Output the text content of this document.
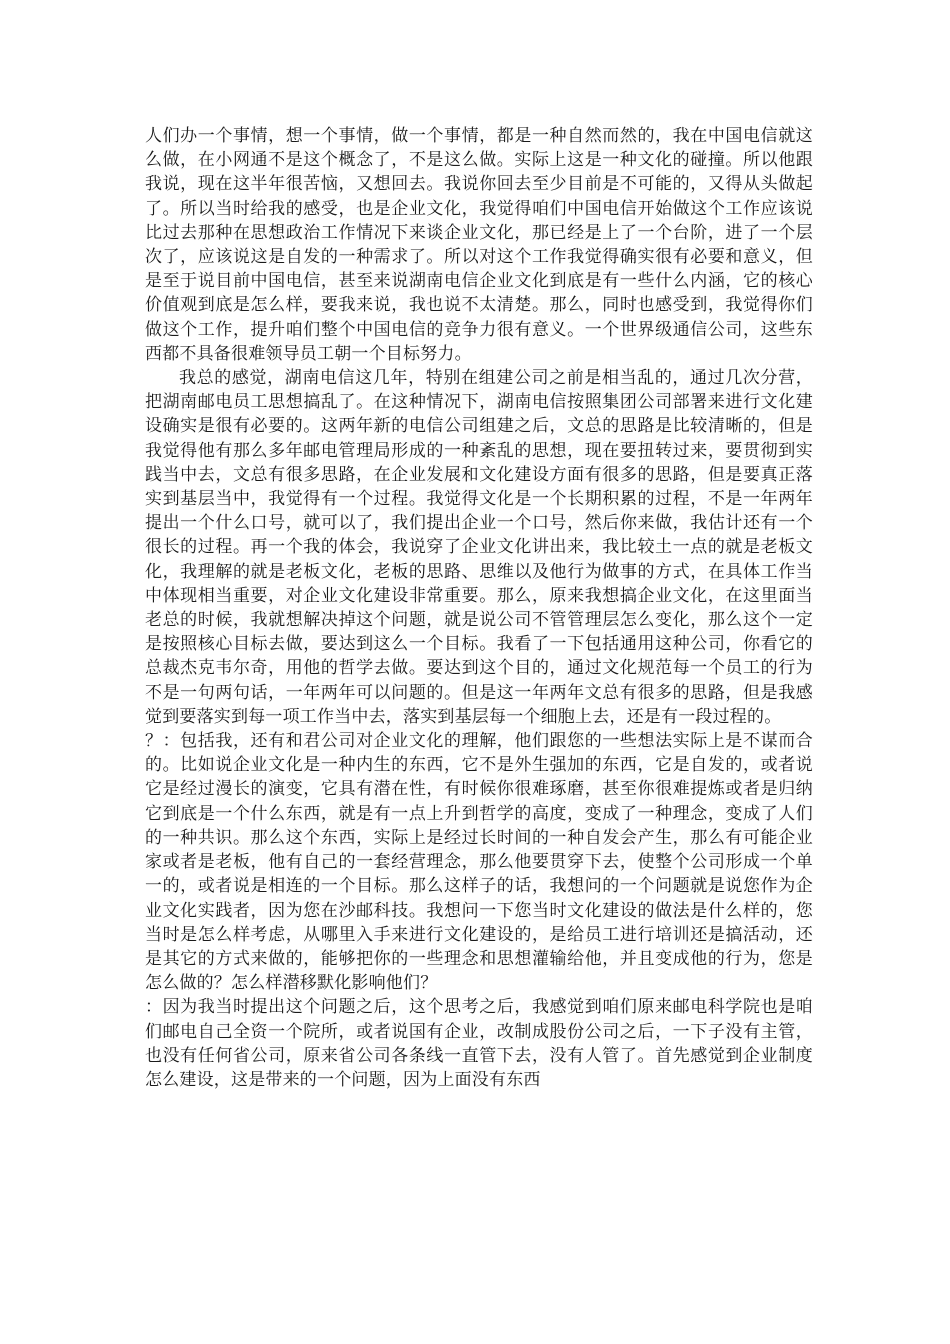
人们办一个事情，想一个事情，做一个事情，都是一种自然而然的，我在中国电信就这么做，在小网通不是这个概念了，不是这么做。实际上这是一种文化的碰撞。所以他跟我说，现在这半年很苦恼，又想回去。我说你回去至少目前是不可能的，又得从头做起了。所以当时给我的感受，也是企业文化，我觉得咱们中国电信开始做这个工作应该说比过去那种在思想政治工作情况下来谈企业文化，那已经是上了一个台阶，进了一个层次了，应该说这是自发的一种需求了。所以对这个工作我觉得确实很有必要和意义，但是至于说目前中国电信，甚至来说湖南电信企业文化到底是有一些什么内涵，它的核心价值观到底是怎么样，要我来说，我也说不太清楚。那么，同时也感受到，我觉得你们做这个工作，提升咱们整个中国电信的竞争力很有意义。一个世界级通信公司，这些东西都不具备很难领导员工朝一个目标努力。

我总的感觉，湖南电信这几年，特别在组建公司之前是相当乱的，通过几次分营，把湖南邮电员工思想搞乱了。在这种情况下，湖南电信按照集团公司部署来进行文化建设确实是很有必要的。这两年新的电信公司组建之后，文总的思路是比较清晰的，但是我觉得他有那么多年邮电管理局形成的一种紊乱的思想，现在要扭转过来，要贯彻到实践当中去，文总有很多思路，在企业发展和文化建设方面有很多的思路，但是要真正落实到基层当中，我觉得有一个过程。我觉得文化是一个长期积累的过程，不是一年两年提出一个什么口号，就可以了，我们提出企业一个口号，然后你来做，我估计还有一个很长的过程。再一个我的体会，我说穿了企业文化讲出来，我比较土一点的就是老板文化，我理解的就是老板文化，老板的思路、思维以及他行为做事的方式，在具体工作当中体现相当重要，对企业文化建设非常重要。那么，原来我想搞企业文化，在这里面当老总的时候，我就想解决掉这个问题，就是说公司不管管理层怎么变化，那么这个一定是按照核心目标去做，要达到这么一个目标。我看了一下包括通用这种公司，你看它的总裁杰克韦尔奇，用他的哲学去做。要达到这个目的，通过文化规范每一个员工的行为不是一句两句话，一年两年可以问题的。但是这一年两年文总有很多的思路，但是我感觉到要落实到每一项工作当中去，落实到基层每一个细胞上去，还是有一段过程的。

？：包括我，还有和君公司对企业文化的理解，他们跟您的一些想法实际上是不谋而合的。比如说企业文化是一种内生的东西，它不是外生强加的东西，它是自发的，或者说它是经过漫长的演变，它具有潜在性，有时候你很难琢磨，甚至你很难提炼或者是归纳它到底是一个什么东西，就是有一点上升到哲学的高度，变成了一种理念，变成了人们的一种共识。那么这个东西，实际上是经过长时间的一种自发会产生，那么有可能企业家或者是老板，他有自己的一套经营理念，那么他要贯穿下去，使整个公司形成一个单一的，或者说是相连的一个目标。那么这样子的话，我想问的一个问题就是说您作为企业文化实践者，因为您在沙邮科技。我想问一下您当时文化建设的做法是什么样的，您当时是怎么样考虑，从哪里入手来进行文化建设的，是给员工进行培训还是搞活动，还是其它的方式来做的，能够把你的一些理念和思想灌输给他，并且变成他的行为，您是怎么做的？怎么样潜移默化影响他们？

：因为我当时提出这个问题之后，这个思考之后，我感觉到咱们原来邮电科学院也是咱们邮电自己全资一个院所，或者说国有企业，改制成股份公司之后，一下子没有主管，也没有任何省公司，原来省公司各条线一直管下去，没有人管了。首先感觉到企业制度怎么建设，这是带来的一个问题，因为上面没有东西
